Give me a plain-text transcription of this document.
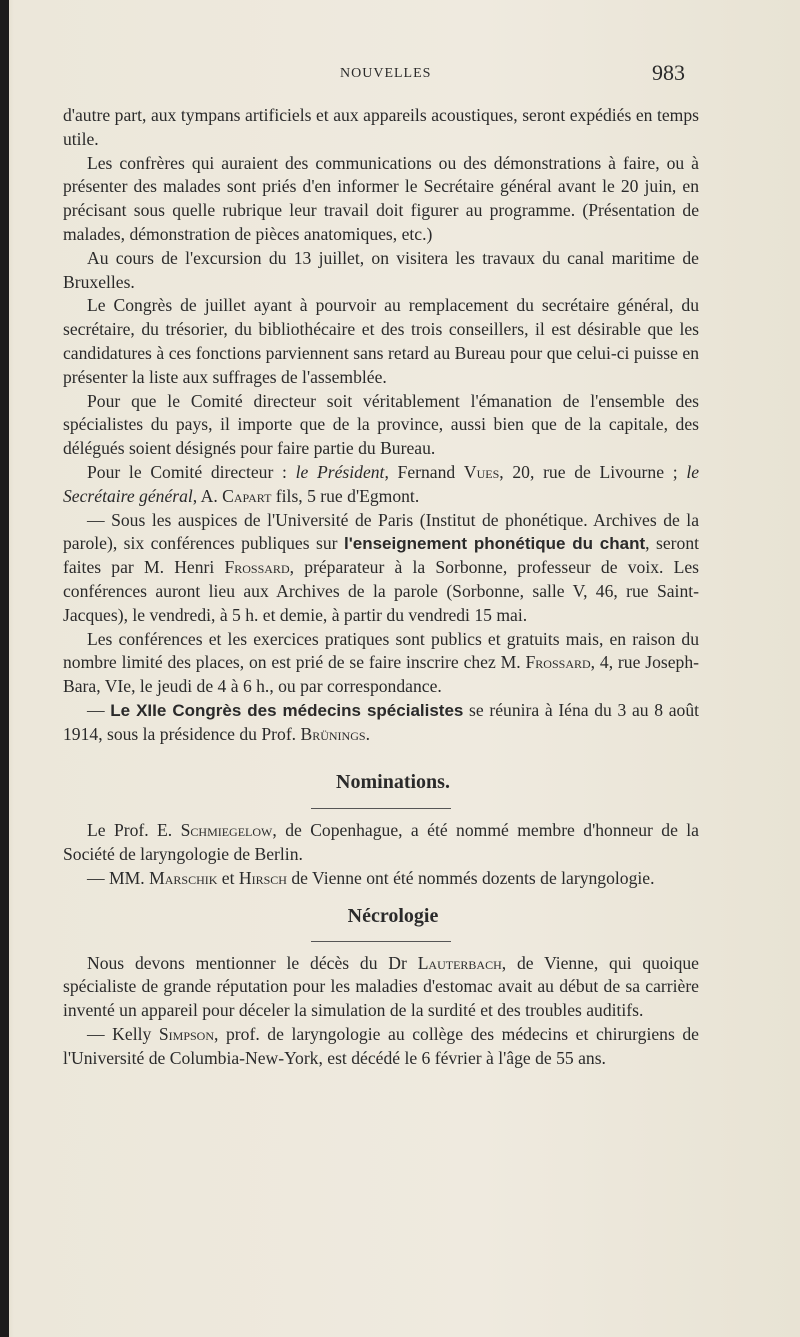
NOUVELLES	983

d'autre part, aux tympans artificiels et aux appareils acoustiques, seront expédiés en temps utile.

Les confrères qui auraient des communications ou des démonstrations à faire, ou à présenter des malades sont priés d'en informer le Secrétaire général avant le 20 juin, en précisant sous quelle rubrique leur travail doit figurer au programme. (Présentation de malades, démonstration de pièces anatomiques, etc.)

Au cours de l'excursion du 13 juillet, on visitera les travaux du canal maritime de Bruxelles.

Le Congrès de juillet ayant à pourvoir au remplacement du secrétaire général, du secrétaire, du trésorier, du bibliothécaire et des trois conseillers, il est désirable que les candidatures à ces fonctions parviennent sans retard au Bureau pour que celui-ci puisse en présenter la liste aux suffrages de l'assemblée.

Pour que le Comité directeur soit véritablement l'émanation de l'ensemble des spécialistes du pays, il importe que de la province, aussi bien que de la capitale, des délégués soient désignés pour faire partie du Bureau.

Pour le Comité directeur : le Président, Fernand Vues, 20, rue de Livourne ; le Secrétaire général, A. Capart fils, 5 rue d'Egmont.

— Sous les auspices de l'Université de Paris (Institut de phonétique. Archives de la parole), six conférences publiques sur l'enseignement phonétique du chant, seront faites par M. Henri Frossard, préparateur à la Sorbonne, professeur de voix. Les conférences auront lieu aux Archives de la parole (Sorbonne, salle V, 46, rue Saint-Jacques), le vendredi, à 5 h. et demie, à partir du vendredi 15 mai.

Les conférences et les exercices pratiques sont publics et gratuits mais, en raison du nombre limité des places, on est prié de se faire inscrire chez M. Frossard, 4, rue Joseph-Bara, VIe, le jeudi de 4 à 6 h., ou par correspondance.

— Le XIIe Congrès des médecins spécialistes se réunira à Iéna du 3 au 8 août 1914, sous la présidence du Prof. Brünings.

Nominations.

Le Prof. E. Schmiegelow, de Copenhague, a été nommé membre d'honneur de la Société de laryngologie de Berlin.

— MM. Marschik et Hirsch de Vienne ont été nommés dozents de laryngologie.

Nécrologie

Nous devons mentionner le décès du Dr Lauterbach, de Vienne, qui quoique spécialiste de grande réputation pour les maladies d'estomac avait au début de sa carrière inventé un appareil pour déceler la simulation de la surdité et des troubles auditifs.

— Kelly Simpson, prof. de laryngologie au collège des médecins et chirurgiens de l'Université de Columbia-New-York, est décédé le 6 février à l'âge de 55 ans.
